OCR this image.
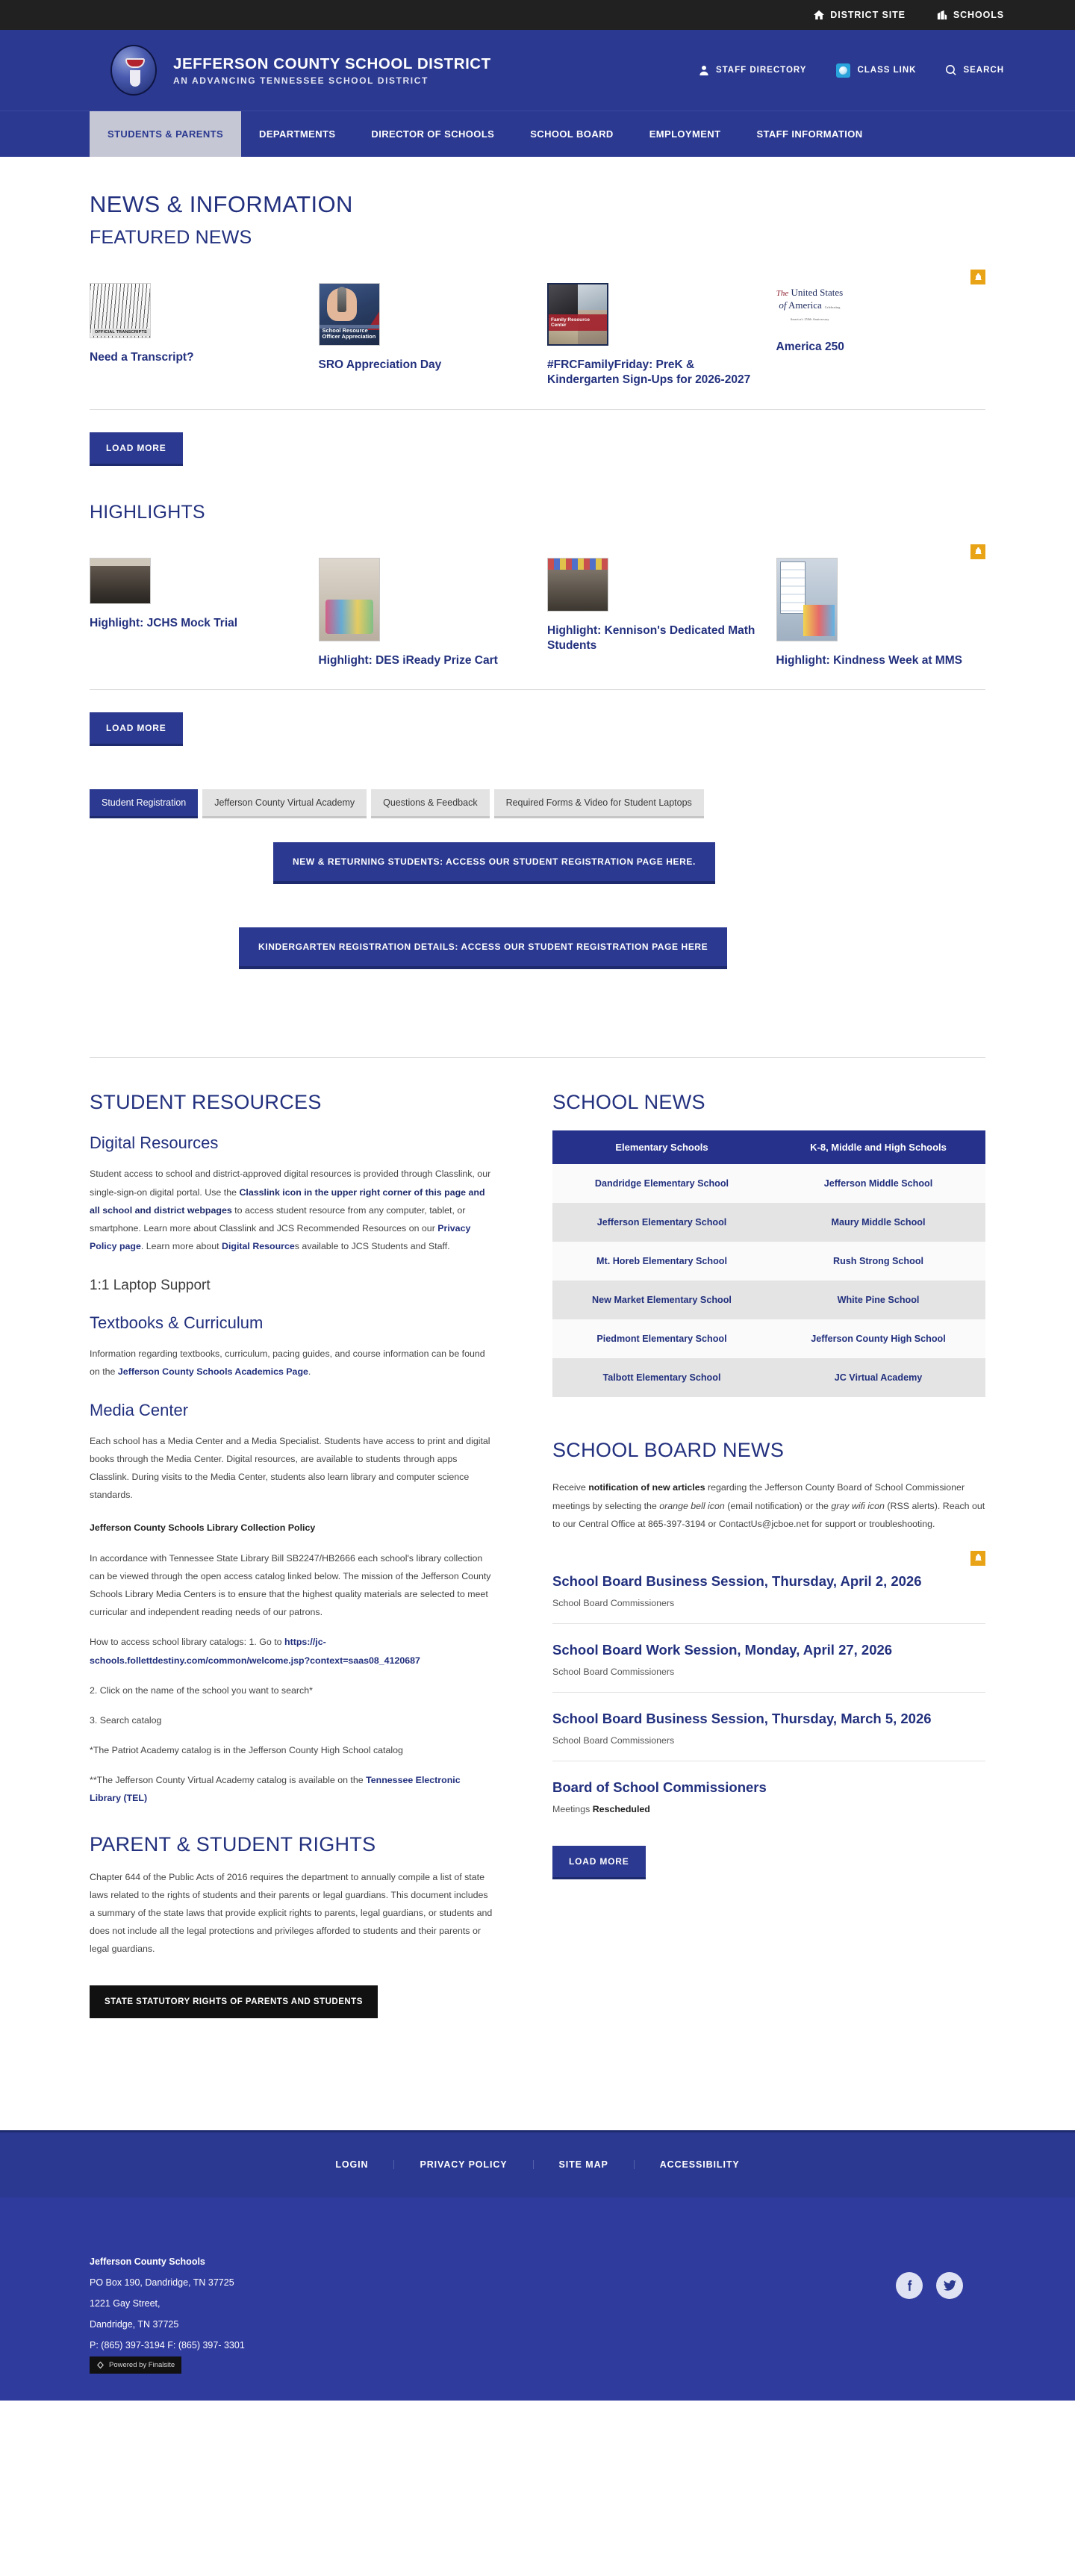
DISTRICT SITE	SCHOOLS
JEFFERSON COUNTY SCHOOL DISTRICT
AN ADVANCING TENNESSEE SCHOOL DISTRICT
STAFF DIRECTORY	CLASS LINK	SEARCH
STUDENTS & PARENTS	DEPARTMENTS	DIRECTOR OF SCHOOLS	SCHOOL BOARD	EMPLOYMENT	STAFF INFORMATION
NEWS & INFORMATION
FEATURED NEWS
OFFICIAL TRANSCRIPTS
Need a Transcript?
School Resource
Officer Appreciation
SRO Appreciation Day
Family Resource Center
#FRCFamilyFriday: PreK & Kindergarten Sign-Ups for 2026-2027
The United States
of America Celebrating America's 250th Anniversary
America 250
LOAD MORE
HIGHLIGHTS
Highlight: JCHS Mock Trial
Highlight: DES iReady Prize Cart
Highlight: Kennison's Dedicated Math Students
Highlight: Kindness Week at MMS
LOAD MORE
Student Registration	Jefferson County Virtual Academy	Questions & Feedback	Required Forms & Video for Student Laptops
NEW & RETURNING STUDENTS: ACCESS OUR STUDENT REGISTRATION PAGE HERE.
KINDERGARTEN REGISTRATION DETAILS: ACCESS OUR STUDENT REGISTRATION PAGE HERE
STUDENT RESOURCES
Digital Resources

Student access to school and district-approved digital resources is provided through Classlink, our single-sign-on digital portal. Use the Classlink icon in the upper right corner of this page and all school and district webpages to access student resource from any computer, tablet, or smartphone. Learn more about Classlink and JCS Recommended Resources on our Privacy Policy page. Learn more about Digital Resources available to JCS Students and Staff.

1:1 Laptop Support
Textbooks & Curriculum

Information regarding textbooks, curriculum, pacing guides, and course information can be found on the Jefferson County Schools Academics Page.

Media Center

Each school has a Media Center and a Media Specialist. Students have access to print and digital books through the Media Center. Digital resources, are available to students through apps Classlink. During visits to the Media Center, students also learn library and computer science standards.

Jefferson County Schools Library Collection Policy

In accordance with Tennessee State Library Bill SB2247/HB2666 each school's library collection can be viewed through the open access catalog linked below. The mission of the Jefferson County Schools Library Media Centers is to ensure that the highest quality materials are selected to meet curricular and independent reading needs of our patrons.

How to access school library catalogs: 1. Go to https://jc-schools.follettdestiny.com/common/welcome.jsp?context=saas08_4120687

2. Click on the name of the school you want to search*

3. Search catalog

*The Patriot Academy catalog is in the Jefferson County High School catalog

**The Jefferson County Virtual Academy catalog is available on the Tennessee Electronic Library (TEL)

PARENT & STUDENT RIGHTS

Chapter 644 of the Public Acts of 2016 requires the department to annually compile a list of state laws related to the rights of students and their parents or legal guardians. This document includes a summary of the state laws that provide explicit rights to parents, legal guardians, or students and does not include all the legal protections and privileges afforded to students and their parents or legal guardians.

STATE STATUTORY RIGHTS OF PARENTS AND STUDENTS
SCHOOL NEWS
Elementary Schools	K-8, Middle and High Schools
Dandridge Elementary School	Jefferson Middle School
Jefferson Elementary School	Maury Middle School
Mt. Horeb Elementary School	Rush Strong School
New Market Elementary School	White Pine School
Piedmont Elementary School	Jefferson County High School
Talbott Elementary School	JC Virtual Academy
SCHOOL BOARD NEWS

Receive notification of new articles regarding the Jefferson County Board of School Commissioner meetings by selecting the orange bell icon (email notification) or the gray wifi icon (RSS alerts). Reach out to our Central Office at 865-397-3194 or ContactUs@jcboe.net for support or troubleshooting.

School Board Business Session, Thursday, April 2, 2026
School Board Commissioners
School Board Work Session, Monday, April 27, 2026
School Board Commissioners
School Board Business Session, Thursday, March 5, 2026
School Board Commissioners
Board of School Commissioners
Meetings Rescheduled
LOAD MORE
LOGIN	PRIVACY POLICY	SITE MAP	ACCESSIBILITY
Jefferson County Schools
PO Box 190, Dandridge, TN 37725
1221 Gay Street,
Dandridge, TN 37725
P: (865) 397-3194 F: (865) 397- 3301
Powered by Finalsite
